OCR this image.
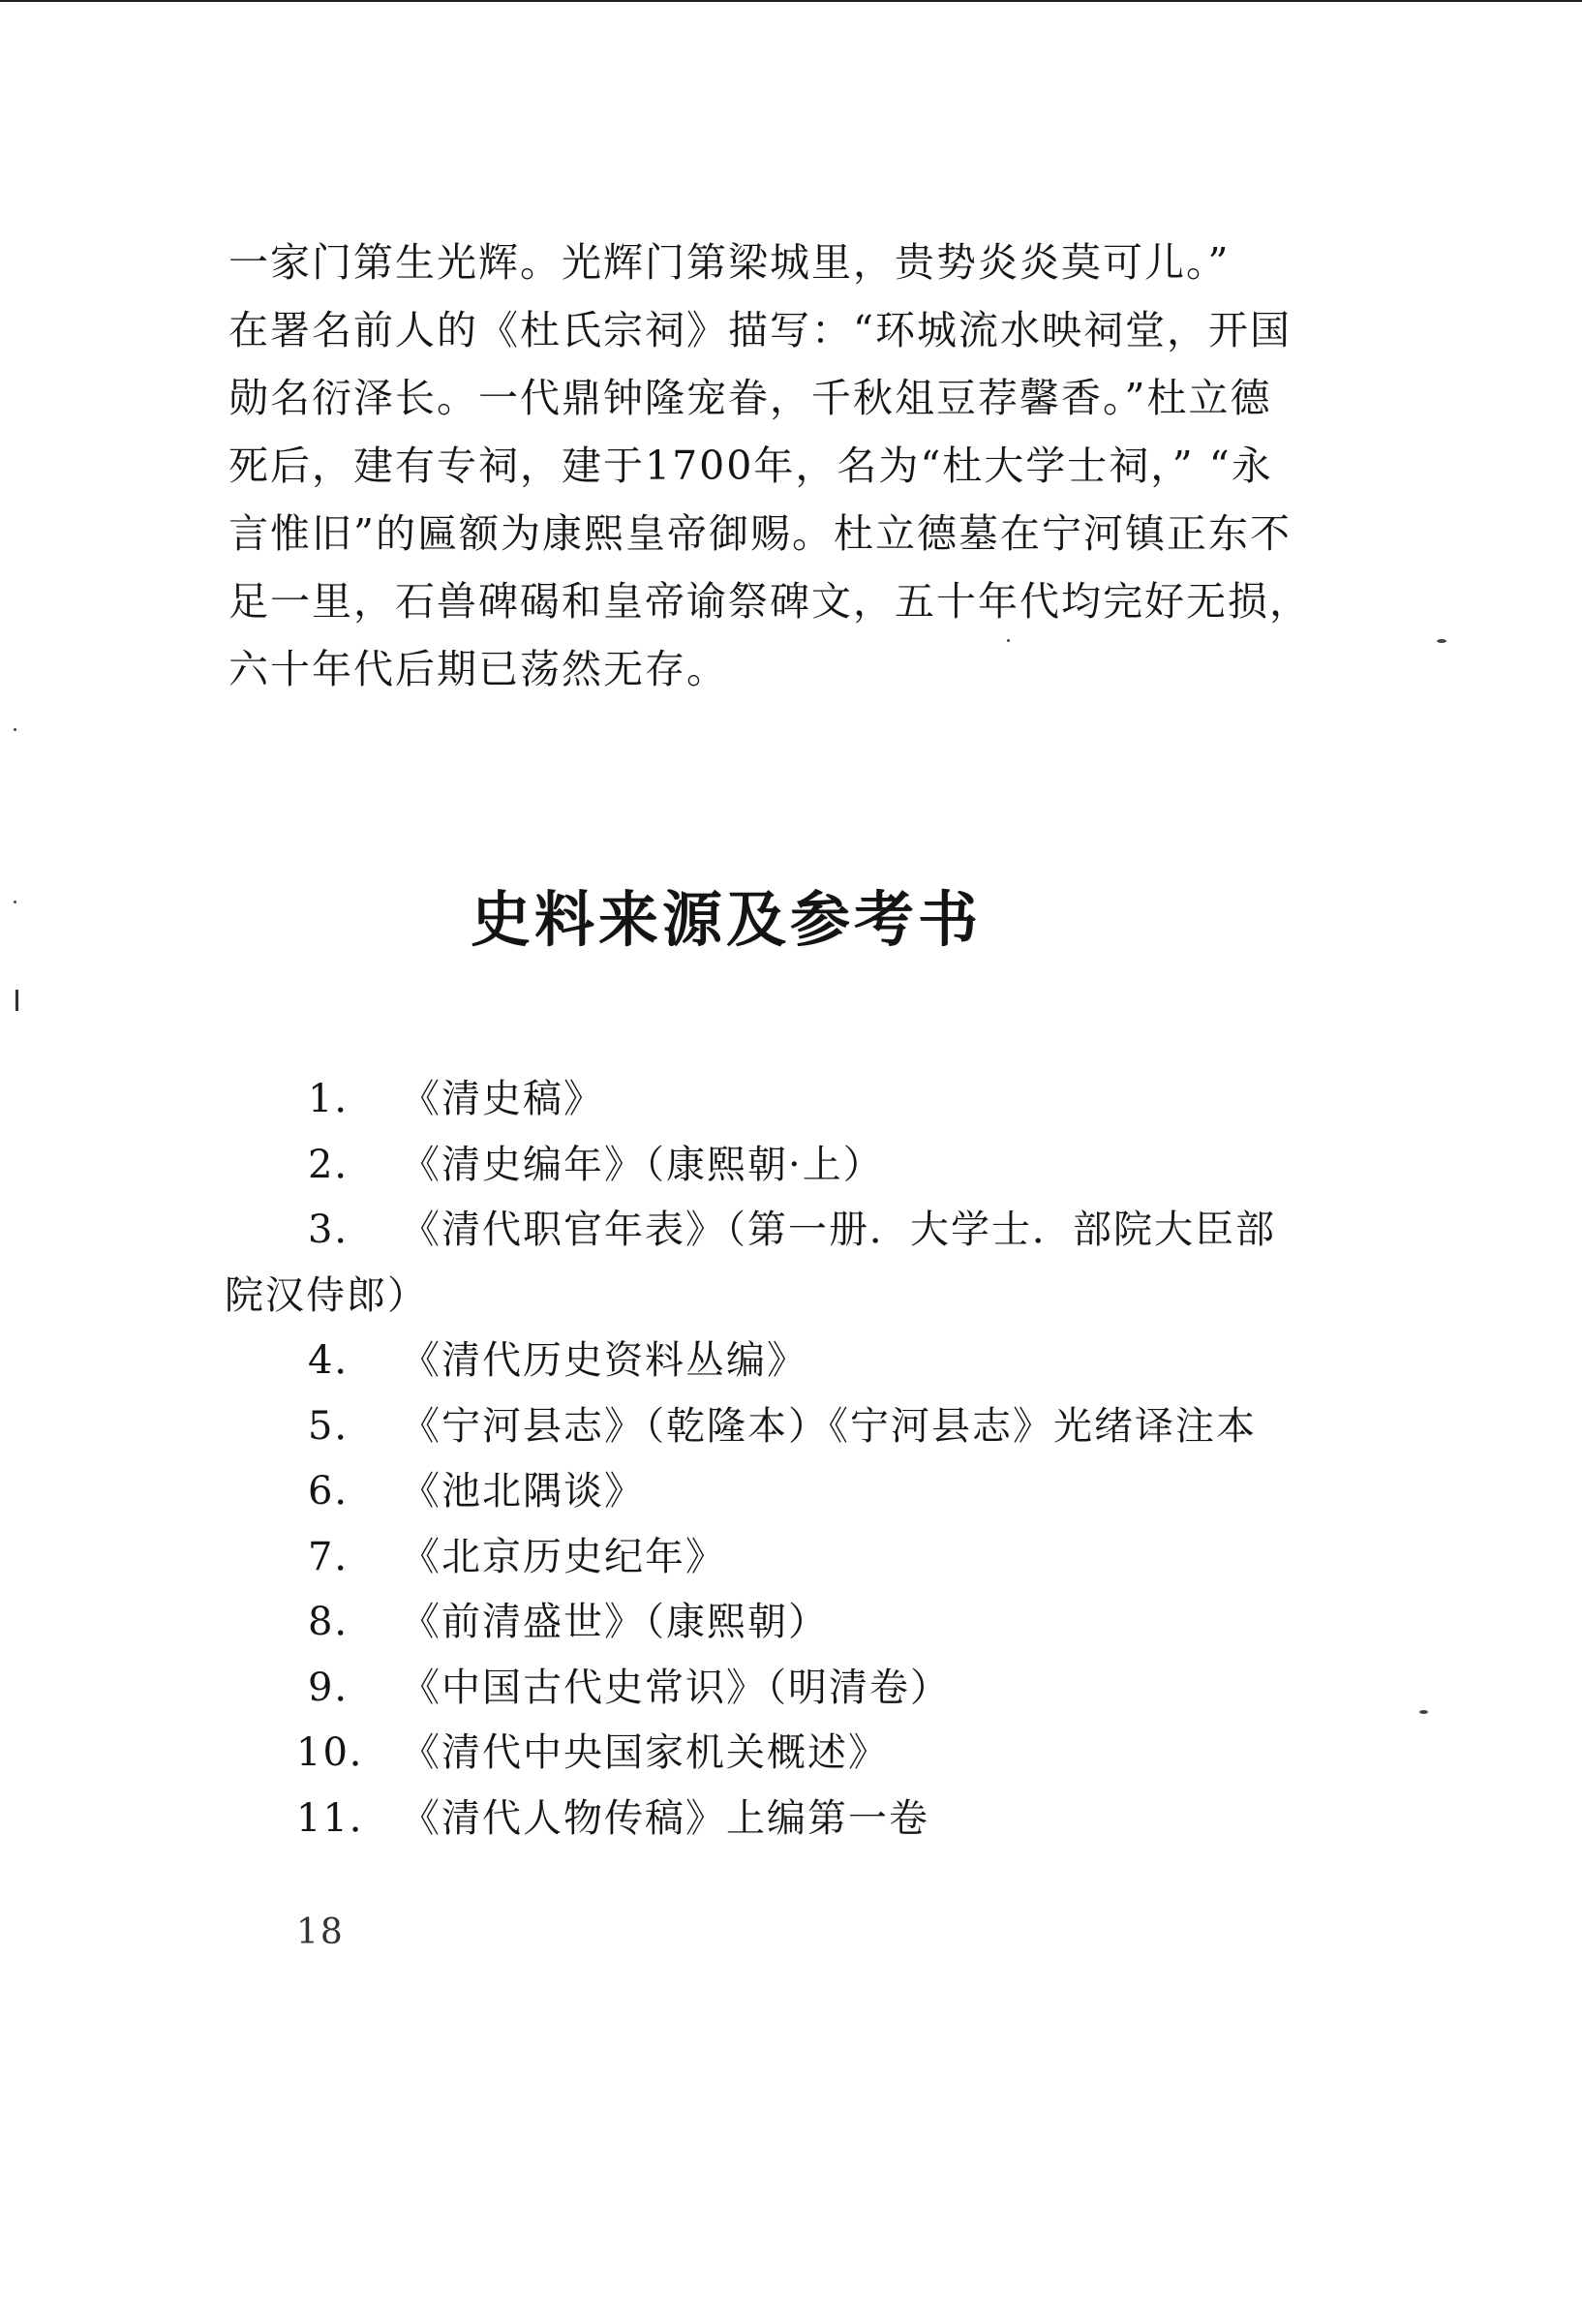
一家门第生光辉。光辉门第梁城里，贵势炎炎莫可儿。”
在署名前人的《杜氏宗祠》描写：“环城流水映祠堂，开国
勋名衍泽长。一代鼎钟隆宠眷，千秋俎豆荐馨香。”杜立德
死后，建有专祠，建于1700年，名为“杜大学士祠，” “永
言惟旧”的匾额为康熙皇帝御赐。杜立德墓在宁河镇正东不
足一里，石兽碑碣和皇帝谕祭碑文，五十年代均完好无损，
六十年代后期已荡然无存。
史料来源及参考书
1． 《清史稿》
2． 《清史编年》（康熙朝·上）
3． 《清代职官年表》（第一册．大学士．部院大臣部
院汉侍郎）
4． 《清代历史资料丛编》
5． 《宁河县志》（乾隆本）《宁河县志》光绪译注本
6． 《池北隅谈》
7． 《北京历史纪年》
8． 《前清盛世》（康熙朝）
9． 《中国古代史常识》（明清卷）
10． 《清代中央国家机关概述》
11． 《清代人物传稿》上编第一卷
18
